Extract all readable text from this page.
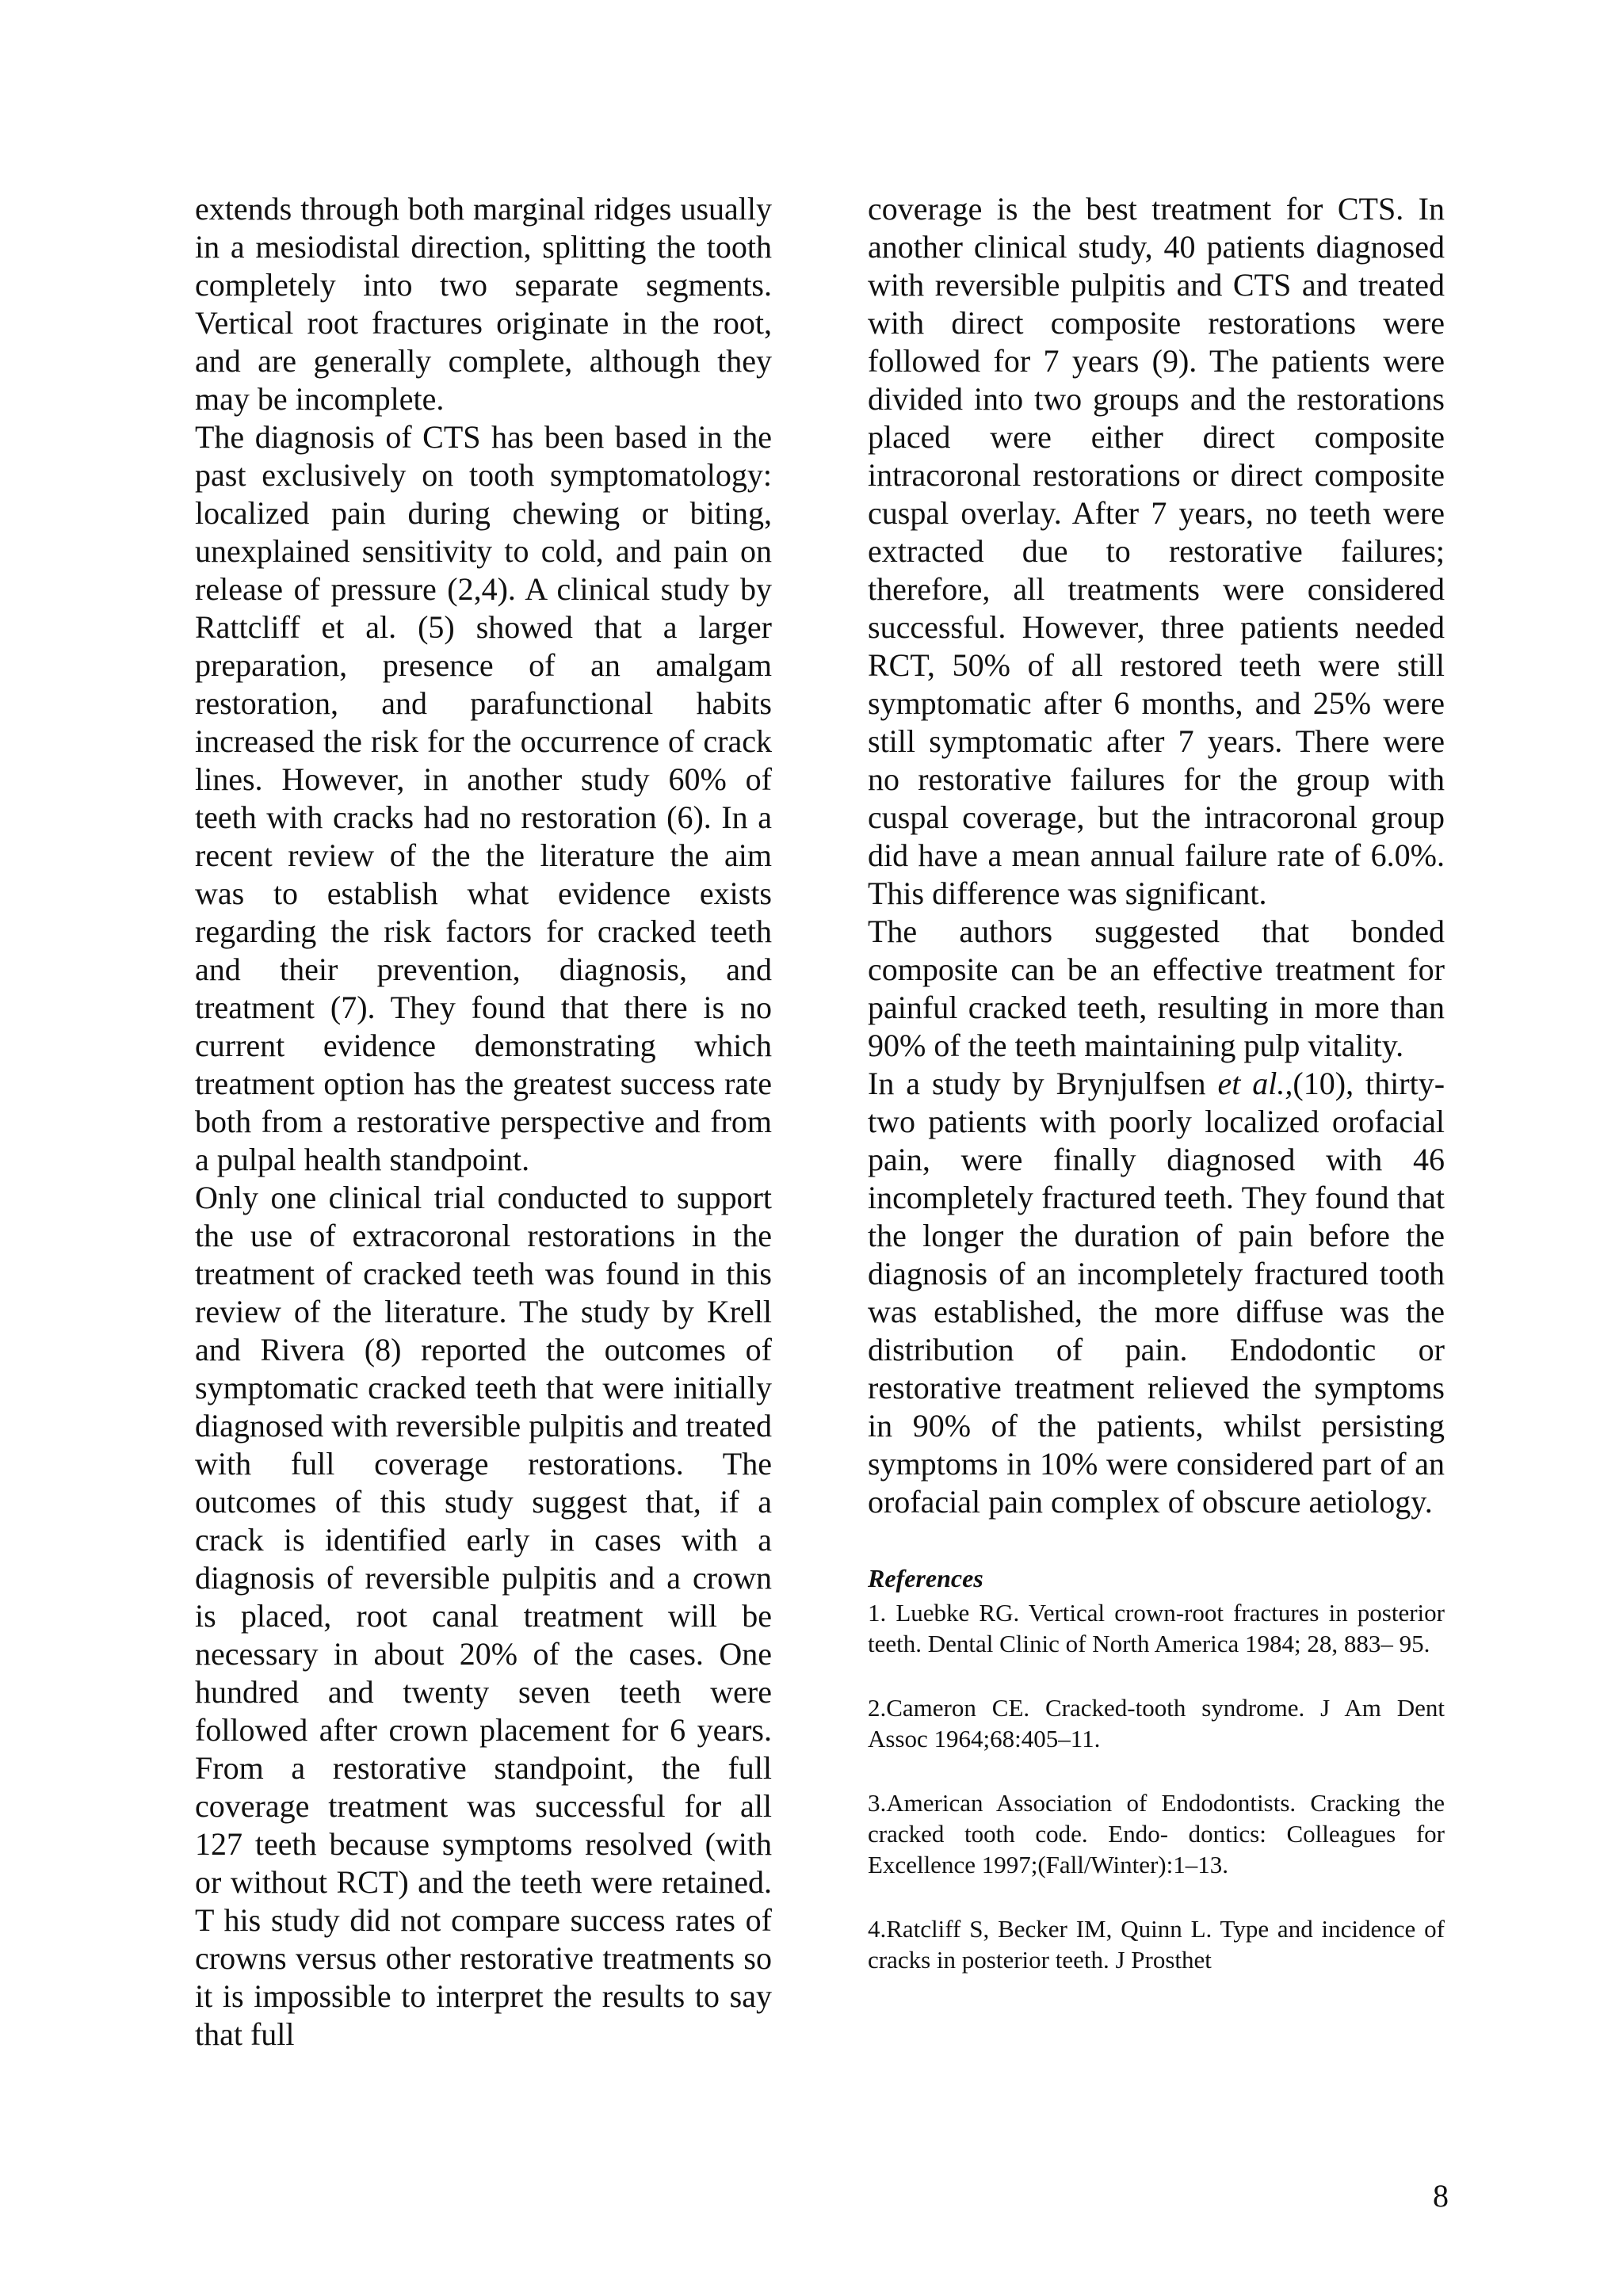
extends through both marginal ridges usually in a mesiodistal direction, splitting the tooth completely into two separate segments. Vertical root fractures originate in the root, and are generally complete, although they may be incomplete.

The diagnosis of CTS has been based in the past exclusively on tooth symptomatology: localized pain during chewing or biting, unexplained sensitivity to cold, and pain on release of pressure (2,4). A clinical study by Rattcliff et al. (5) showed that a larger preparation, presence of an amalgam restoration, and parafunctional habits increased the risk for the occurrence of crack lines. However, in another study 60% of teeth with cracks had no restoration (6). In a recent review of the the literature the aim was to establish what evidence exists regarding the risk factors for cracked teeth and their prevention, diagnosis, and treatment (7). They found that there is no current evidence demonstrating which treatment option has the greatest success rate both from a restorative perspective and from a pulpal health standpoint.

Only one clinical trial conducted to support the use of extracoronal restorations in the treatment of cracked teeth was found in this review of the literature. The study by Krell and Rivera (8) reported the outcomes of symptomatic cracked teeth that were initially diagnosed with reversible pulpitis and treated with full coverage restorations. The outcomes of this study suggest that, if a crack is identified early in cases with a diagnosis of reversible pulpitis and a crown is placed, root canal treatment will be necessary in about 20% of the cases. One hundred and twenty seven teeth were followed after crown placement for 6 years. From a restorative standpoint, the full coverage treatment was successful for all 127 teeth because symptoms resolved (with or without RCT) and the teeth were retained. T his study did not compare success rates of crowns versus other restorative treatments so it is impossible to interpret the results to say that full

coverage is the best treatment for CTS. In another clinical study, 40 patients diagnosed with reversible pulpitis and CTS and treated with direct composite restorations were followed for 7 years (9). The patients were divided into two groups and the restorations placed were either direct composite intracoronal restorations or direct composite cuspal overlay. After 7 years, no teeth were extracted due to restorative failures; therefore, all treatments were considered successful. However, three patients needed RCT, 50% of all restored teeth were still symptomatic after 6 months, and 25% were still symptomatic after 7 years. There were no restorative failures for the group with cuspal coverage, but the intracoronal group did have a mean annual failure rate of 6.0%. This difference was significant.

The authors suggested that bonded composite can be an effective treatment for painful cracked teeth, resulting in more than 90% of the teeth maintaining pulp vitality.

In a study by Brynjulfsen et al.,(10), thirty-two patients with poorly localized orofacial pain, were finally diagnosed with 46 incompletely fractured teeth. They found that the longer the duration of pain before the diagnosis of an incompletely fractured tooth was established, the more diffuse was the distribution of pain. Endodontic or restorative treatment relieved the symptoms in 90% of the patients, whilst persisting symptoms in 10% were considered part of an orofacial pain complex of obscure aetiology.

References
1. Luebke RG. Vertical crown-root fractures in posterior teeth. Dental Clinic of North America 1984; 28, 883– 95.
2.Cameron CE. Cracked-tooth syndrome. J Am Dent Assoc 1964;68:405–11.
3.American Association of Endodontists. Cracking the cracked tooth code. Endo- dontics: Colleagues for Excellence 1997;(Fall/Winter):1–13.
4.Ratcliff S, Becker IM, Quinn L. Type and incidence of cracks in posterior teeth. J Prosthet
8
